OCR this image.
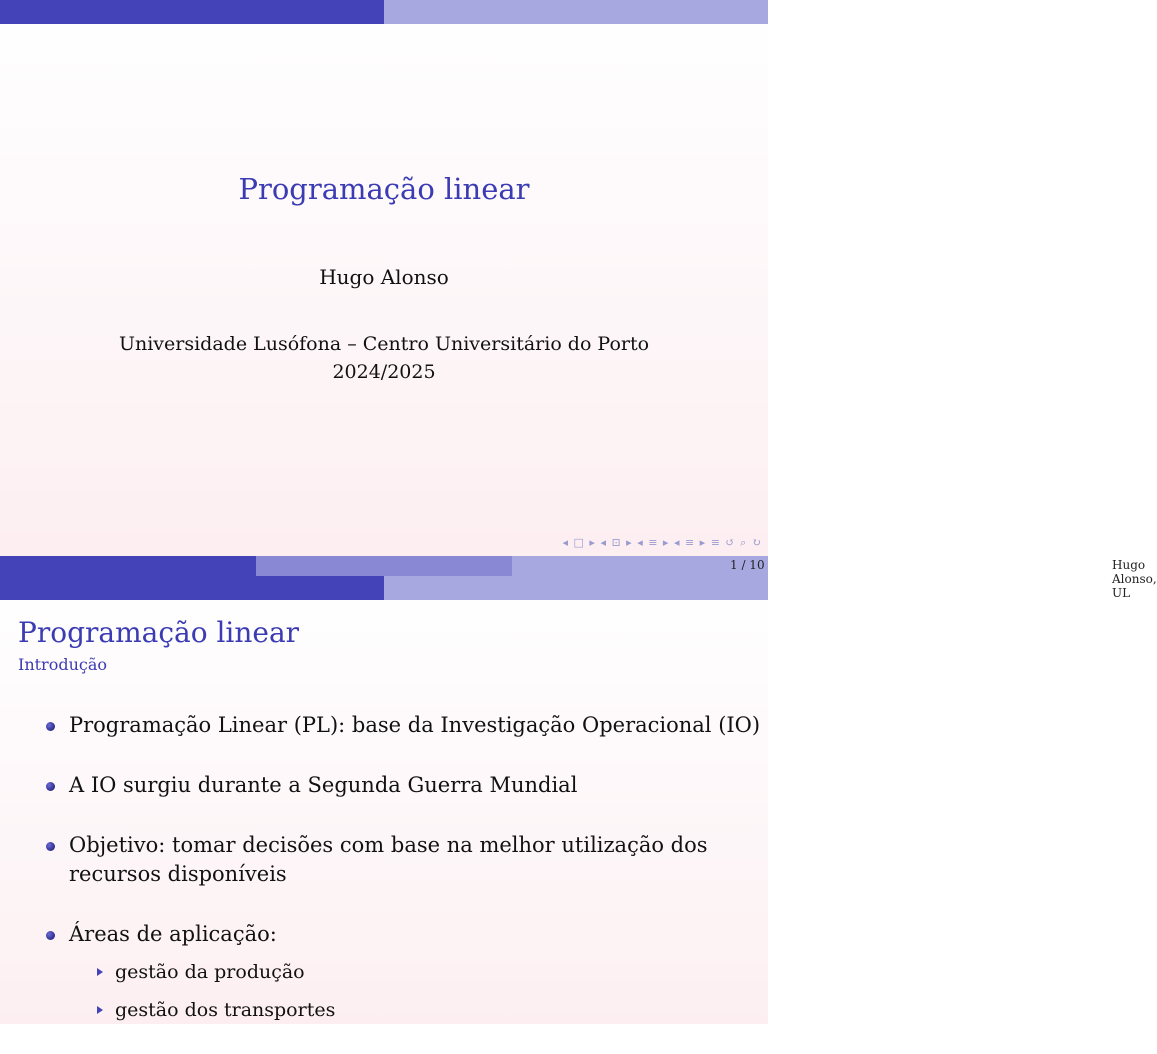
Programação linear
Hugo Alonso
Universidade Lusófona – Centro Universitário do Porto
2024/2025
◂ □ ▸ ◂ ⊡ ▸ ◂ ≡ ▸ ◂ ≡ ▸ ≡ ↺ ⌕ ↻
Hugo Alonso, UL
1 / 10
Programação linear
Introdução
Programação Linear (PL): base da Investigação Operacional (IO)
A IO surgiu durante a Segunda Guerra Mundial
Objetivo: tomar decisões com base na melhor utilização dos recursos disponíveis
Áreas de aplicação:
gestão da produção
gestão dos transportes
